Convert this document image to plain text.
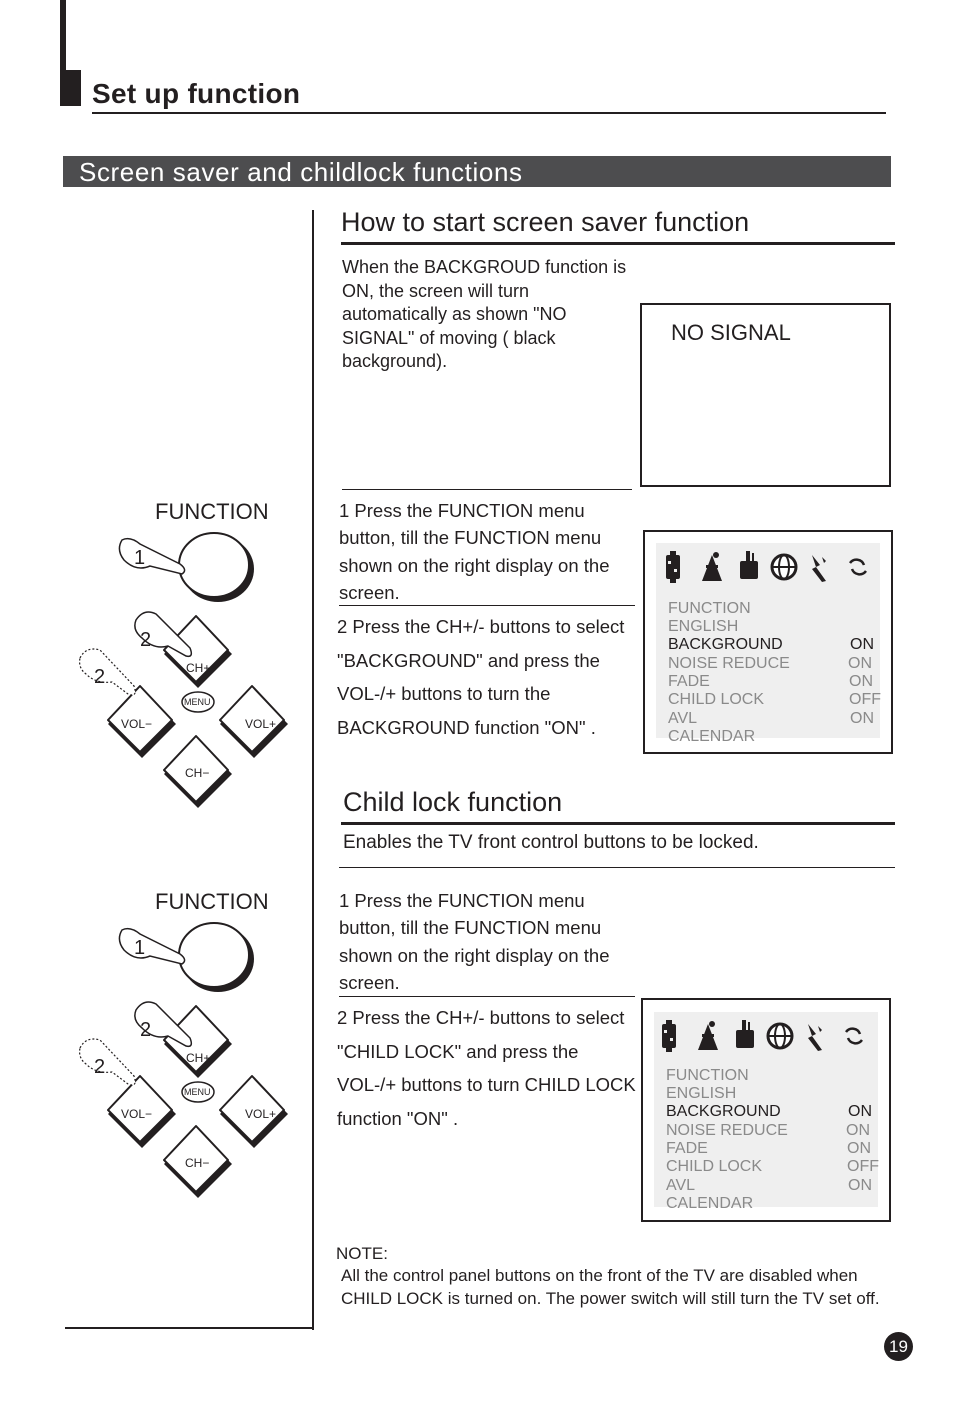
Set up function
Screen saver and childlock functions
How to start screen saver function
When the BACKGROUD function is ON, the screen will turn automatically as shown "NO SIGNAL" of moving ( black background).
NO SIGNAL
1 Press the FUNCTION menu button, till the FUNCTION menu shown on the right display on the screen.
2 Press the CH+/- buttons to select "BACKGROUND" and press the VOL-/+ buttons to turn the BACKGROUND function "ON" .
FUNCTION
ENGLISH
BACKGROUND	ON
NOISE REDUCE	ON
FADE	ON
CHILD LOCK	OFF
AVL	ON
CALENDAR
FUNCTION
1
2
2	CH+
MENU
VOL−	VOL+
CH−
Child lock function
Enables the TV front control buttons to be locked.
1 Press the FUNCTION menu button, till the FUNCTION menu shown on the right display on the screen.
2 Press the CH+/- buttons to select "CHILD LOCK" and press the VOL-/+ buttons to turn CHILD LOCK function "ON" .
FUNCTION
ENGLISH
BACKGROUND	ON
NOISE REDUCE	ON
FADE	ON
CHILD LOCK	OFF
AVL	ON
CALENDAR
FUNCTION
1
2
2	CH+
MENU
VOL−	VOL+
CH−
NOTE:
All the control panel buttons on the front of the TV are disabled when CHILD LOCK is turned on. The power switch will still turn the TV set off.
19
